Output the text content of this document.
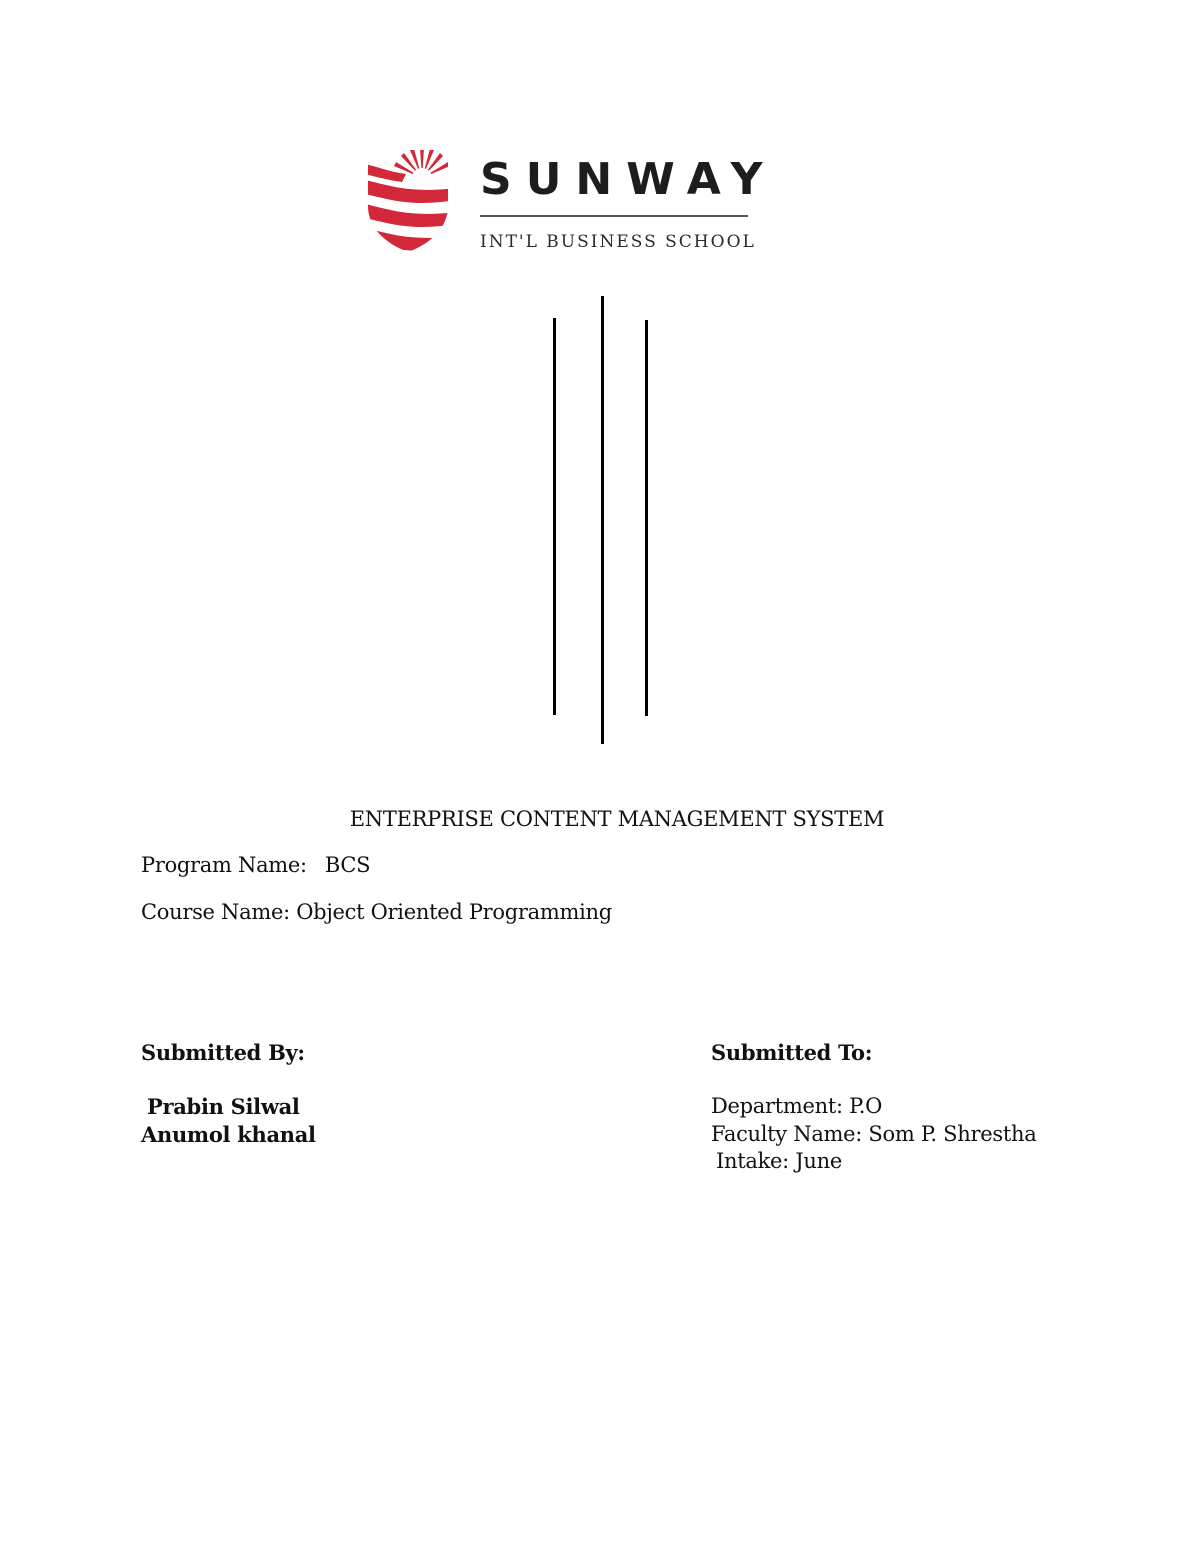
SUNWAY
INT'L BUSINESS SCHOOL
ENTERPRISE CONTENT MANAGEMENT SYSTEM
Program Name: BCS
Course Name: Object Oriented Programming
Submitted By:
Prabin Silwal
Anumol khanal
Submitted To:
Department: P.O
Faculty Name: Som P. Shrestha
Intake: June
